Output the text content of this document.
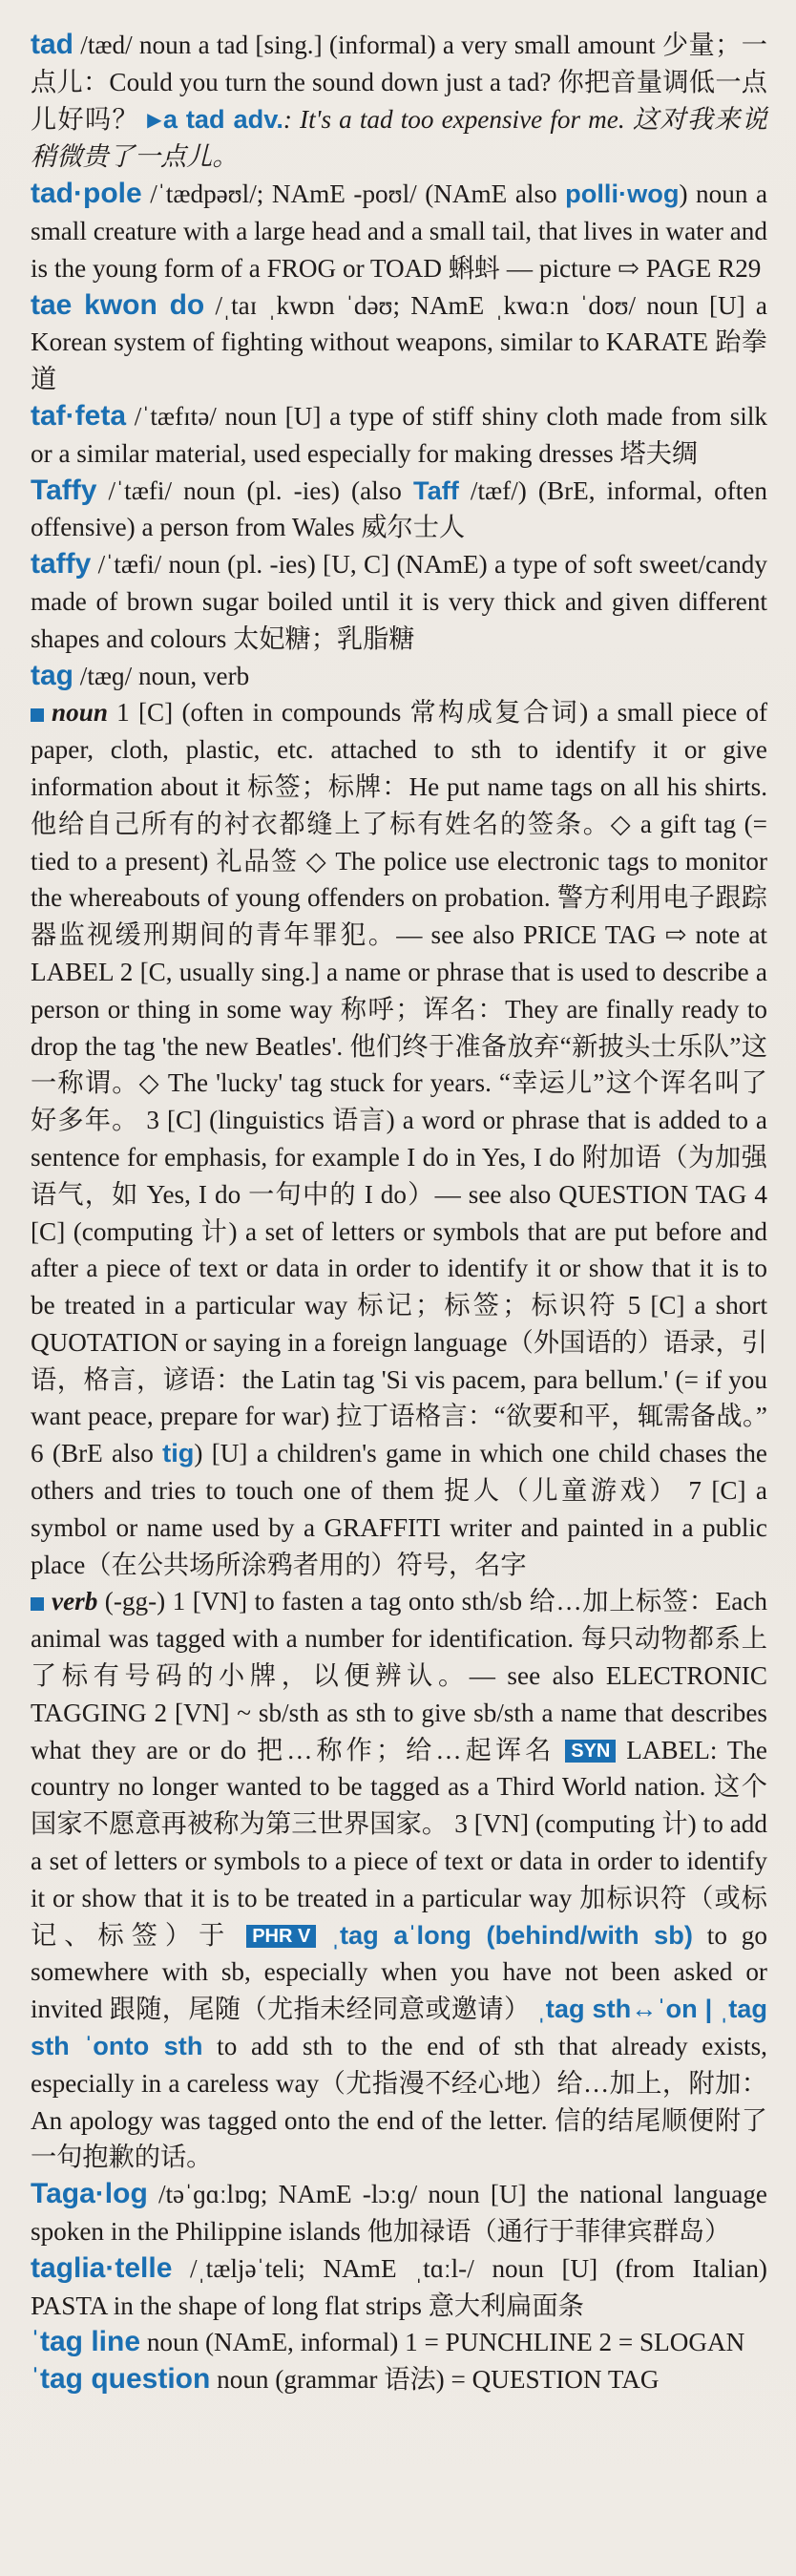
tad /tæd/ noun a tad [sing.] (informal) a very small amount 少量；一点儿：Could you turn the sound down just a tad? 你把音量调低一点儿好吗？ ▶a tad adv.: It's a tad too expensive for me. 这对我来说稍微贵了一点儿。

tad·pole /ˈtædpəʊl/; NAmE -poʊl/ (NAmE also polli·wog) noun a small creature with a large head and a small tail, that lives in water and is the young form of a FROG or TOAD 蝌蚪 — picture ⇨ PAGE R29

tae kwon do /ˌtaɪ ˌkwɒn ˈdəʊ; NAmE ˌkwɑːn ˈdoʊ/ noun [U] a Korean system of fighting without weapons, similar to KARATE 跆拳道

taf·feta /ˈtæfɪtə/ noun [U] a type of stiff shiny cloth made from silk or a similar material, used especially for making dresses 塔夫绸

Taffy /ˈtæfi/ noun (pl. -ies) (also Taff /tæf/) (BrE, informal, often offensive) a person from Wales 威尔士人

taffy /ˈtæfi/ noun (pl. -ies) [U, C] (NAmE) a type of soft sweet/candy made of brown sugar boiled until it is very thick and given different shapes and colours 太妃糖；乳脂糖

tag /tæɡ/ noun, verb

noun 1 [C] (often in compounds 常构成复合词) a small piece of paper, cloth, plastic, etc. attached to sth to identify it or give information about it 标签；标牌：He put name tags on all his shirts. 他给自己所有的衬衣都缝上了标有姓名的签条。◇ a gift tag (= tied to a present) 礼品签 ◇ The police use electronic tags to monitor the whereabouts of young offenders on probation. 警方利用电子跟踪器监视缓刑期间的青年罪犯。— see also PRICE TAG ⇨ note at LABEL 2 [C, usually sing.] a name or phrase that is used to describe a person or thing in some way 称呼；诨名：They are finally ready to drop the tag 'the new Beatles'. 他们终于准备放弃“新披头士乐队”这一称谓。◇ The 'lucky' tag stuck for years. “幸运儿”这个诨名叫了好多年。 3 [C] (linguistics 语言) a word or phrase that is added to a sentence for emphasis, for example I do in Yes, I do 附加语（为加强语气，如 Yes, I do 一句中的 I do）— see also QUESTION TAG 4 [C] (computing 计) a set of letters or symbols that are put before and after a piece of text or data in order to identify it or show that it is to be treated in a particular way 标记；标签；标识符 5 [C] a short QUOTATION or saying in a foreign language（外国语的）语录，引语，格言，谚语：the Latin tag 'Si vis pacem, para bellum.' (= if you want peace, prepare for war) 拉丁语格言：“欲要和平，辄需备战。” 6 (BrE also tig) [U] a children's game in which one child chases the others and tries to touch one of them 捉人（儿童游戏） 7 [C] a symbol or name used by a GRAFFITI writer and painted in a public place（在公共场所涂鸦者用的）符号，名字

verb (-gg-) 1 [VN] to fasten a tag onto sth/sb 给…加上标签：Each animal was tagged with a number for identification. 每只动物都系上了标有号码的小牌，以便辨认。— see also ELECTRONIC TAGGING 2 [VN] ~ sb/sth as sth to give sb/sth a name that describes what they are or do 把…称作；给…起诨名 SYN LABEL: The country no longer wanted to be tagged as a Third World nation. 这个国家不愿意再被称为第三世界国家。 3 [VN] (computing 计) to add a set of letters or symbols to a piece of text or data in order to identify it or show that it is to be treated in a particular way 加标识符（或标记、标签）于 PHR V ˌtag aˈlong (behind/with sb) to go somewhere with sb, especially when you have not been asked or invited 跟随，尾随（尤指未经同意或邀请） ˌtag sth↔ˈon | ˌtag sth ˈonto sth to add sth to the end of sth that already exists, especially in a careless way（尤指漫不经心地）给…加上，附加：An apology was tagged onto the end of the letter. 信的结尾顺便附了一句抱歉的话。

Taga·log /təˈɡɑːlɒɡ; NAmE -lɔːɡ/ noun [U] the national language spoken in the Philippine islands 他加禄语（通行于菲律宾群岛）

taglia·telle /ˌtæljəˈteli; NAmE ˌtɑːl-/ noun [U] (from Italian) PASTA in the shape of long flat strips 意大利扁面条

ˈtag line noun (NAmE, informal) 1 = PUNCHLINE 2 = SLOGAN

ˈtag question noun (grammar 语法) = QUESTION TAG
